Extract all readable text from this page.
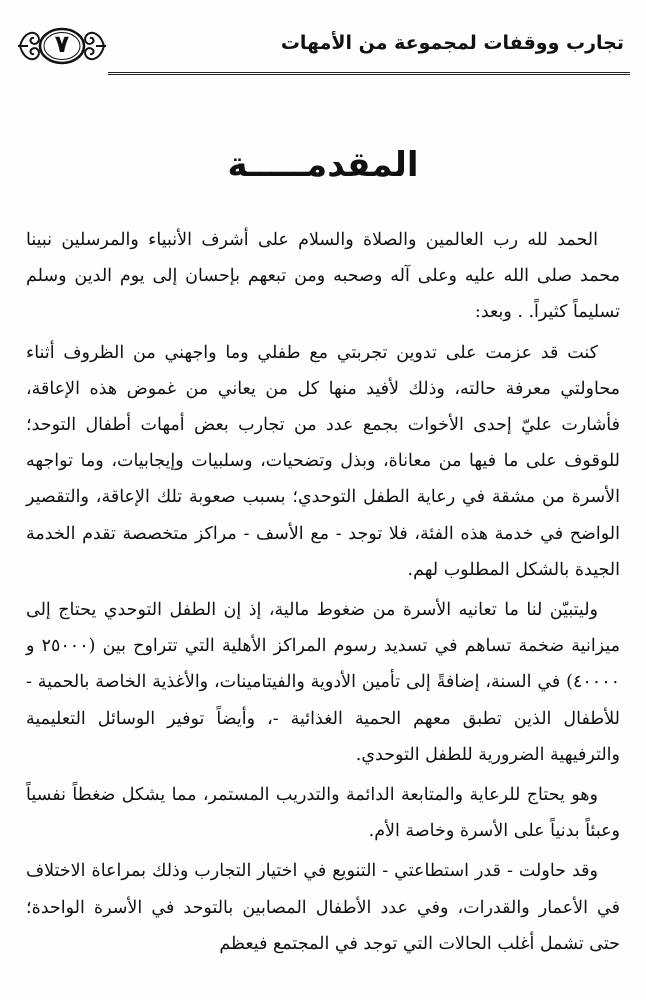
٧	تجارب ووقفات لمجموعة من الأمهات
المقدمـــــة

الحمد لله رب العالمين والصلاة والسلام على أشرف الأنبياء والمرسلين نبينا محمد صلى الله عليه وعلى آله وصحبه ومن تبعهم بإحسان إلى يوم الدين وسلم تسليماً كثيراً. . وبعد:

كنت قد عزمت على تدوين تجربتي مع طفلي وما واجهني من الظروف أثناء محاولتي معرفة حالته، وذلك لأفيد منها كل من يعاني من غموض هذه الإعاقة، فأشارت عليّ إحدى الأخوات بجمع عدد من تجارب بعض أمهات أطفال التوحد؛ للوقوف على ما فيها من معاناة، وبذل وتضحيات، وسلبيات وإيجابيات، وما تواجهه الأسرة من مشقة في رعاية الطفل التوحدي؛ بسبب صعوبة تلك الإعاقة، والتقصير الواضح في خدمة هذه الفئة، فلا توجد - مع الأسف - مراكز متخصصة تقدم الخدمة الجيدة بالشكل المطلوب لهم.

وليتبيّن لنا ما تعانيه الأسرة من ضغوط مالية، إذ إن الطفل التوحدي يحتاج إلى ميزانية ضخمة تساهم في تسديد رسوم المراكز الأهلية التي تتراوح بين (٢٥٠٠٠ و ٤٠٠٠٠) في السنة، إضافةً إلى تأمين الأدوية والفيتامينات، والأغذية الخاصة بالحمية - للأطفال الذين تطبق معهم الحمية الغذائية -، وأيضاً توفير الوسائل التعليمية والترفيهية الضرورية للطفل التوحدي.

وهو يحتاج للرعاية والمتابعة الدائمة والتدريب المستمر، مما يشكل ضغطاً نفسياً وعبئاً بدنياً على الأسرة وخاصة الأم.

وقد حاولت - قدر استطاعتي - التنويع في اختيار التجارب وذلك بمراعاة الاختلاف في الأعمار والقدرات، وفي عدد الأطفال المصابين بالتوحد في الأسرة الواحدة؛ حتى تشمل أغلب الحالات التي توجد في المجتمع فيعظم
